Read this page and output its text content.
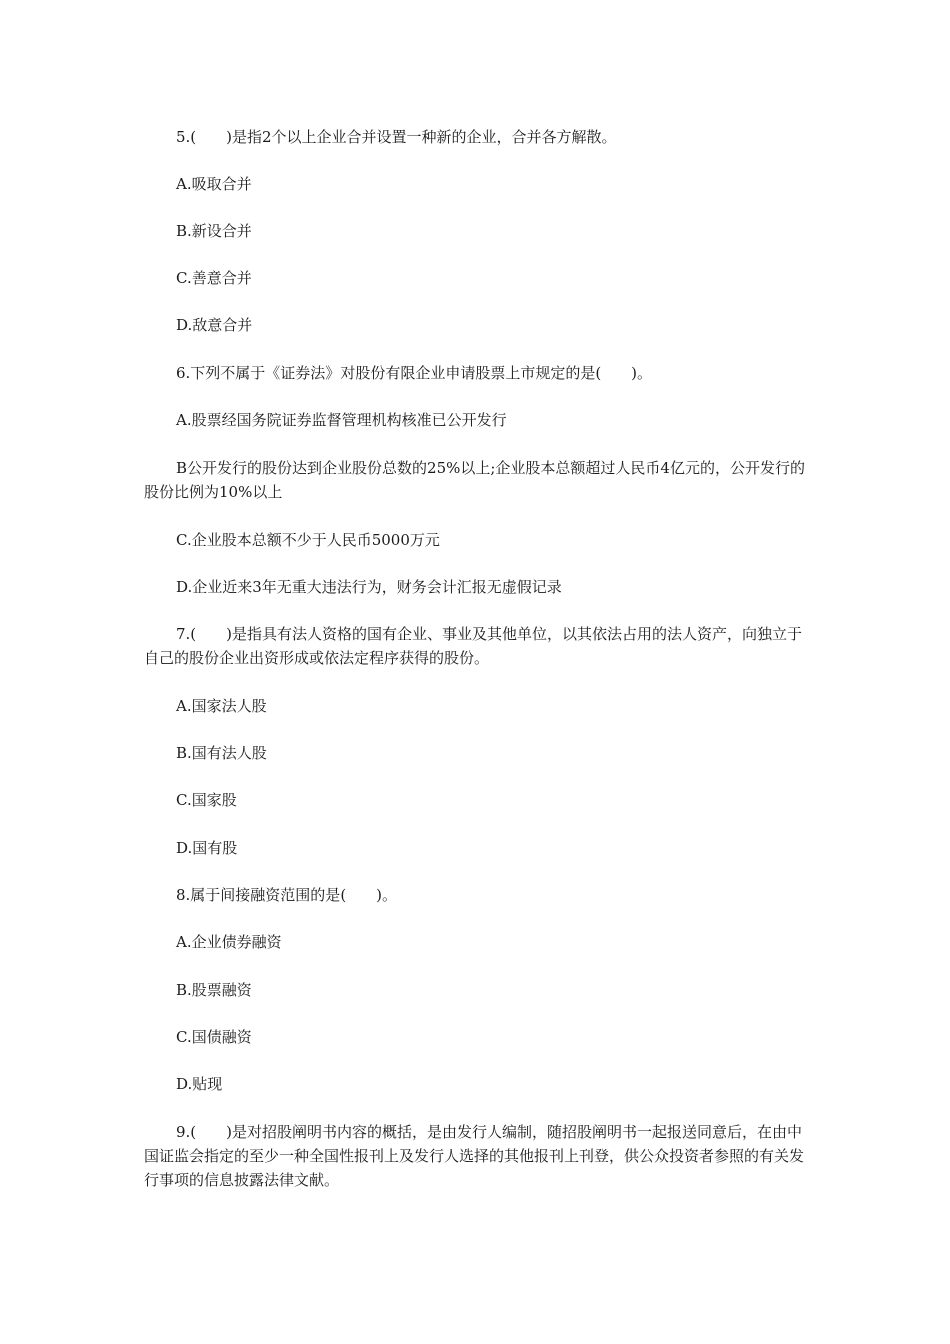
5.(　　)是指2个以上企业合并设置一种新的企业，合并各方解散。

A.吸取合并

B.新设合并

C.善意合并

D.敌意合并

6.下列不属于《证券法》对股份有限企业申请股票上市规定的是(　　)。

A.股票经国务院证券监督管理机构核准已公开发行

B公开发行的股份达到企业股份总数的25%以上;企业股本总额超过人民币4亿元的，公开发行的股份比例为10%以上

C.企业股本总额不少于人民币5000万元

D.企业近来3年无重大违法行为，财务会计汇报无虚假记录

7.(　　)是指具有法人资格的国有企业、事业及其他单位，以其依法占用的法人资产，向独立于自己的股份企业出资形成或依法定程序获得的股份。

A.国家法人股

B.国有法人股

C.国家股

D.国有股

8.属于间接融资范围的是(　　)。

A.企业债券融资

B.股票融资

C.国债融资

D.贴现

9.(　　)是对招股阐明书内容的概括，是由发行人编制，随招股阐明书一起报送同意后，在由中国证监会指定的至少一种全国性报刊上及发行人选择的其他报刊上刊登，供公众投资者参照的有关发行事项的信息披露法律文献。
